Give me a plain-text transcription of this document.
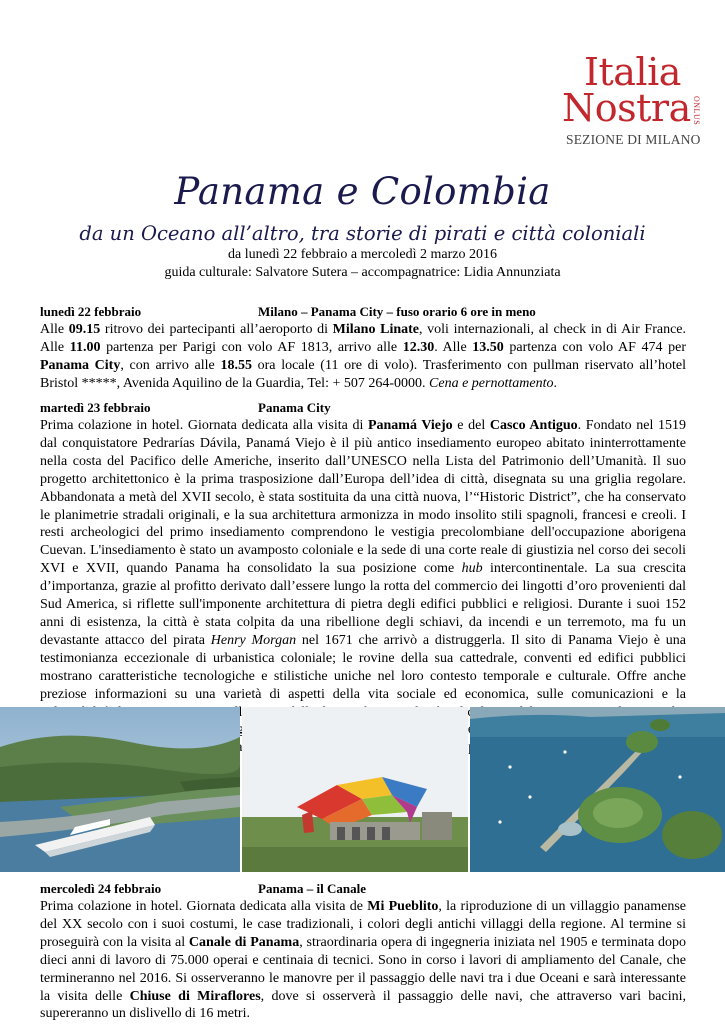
Italia
Nostra ONLUS
SEZIONE DI MILANO
Panama e Colombia
da un Oceano all’altro, tra storie di pirati e città coloniali
da lunedì 22 febbraio a mercoledì 2 marzo 2016
guida culturale: Salvatore Sutera – accompagnatrice: Lidia Annunziata
lunedì 22 febbraio	Milano – Panama City – fuso orario 6 ore in meno
Alle 09.15 ritrovo dei partecipanti all’aeroporto di Milano Linate, voli internazionali, al check in di Air France. Alle 11.00 partenza per Parigi con volo AF 1813, arrivo alle 12.30. Alle 13.50 partenza con volo AF 474 per Panama City, con arrivo alle 18.55 ora locale (11 ore di volo). Trasferimento con pullman riservato all’hotel Bristol *****, Avenida Aquilino de la Guardia, Tel: + 507 264-0000. Cena e pernottamento.
martedì 23 febbraio	Panama City
Prima colazione in hotel. Giornata dedicata alla visita di Panamá Viejo e del Casco Antiguo. Fondato nel 1519 dal conquistatore Pedrarías Dávila, Panamá Viejo è il più antico insediamento europeo abitato ininterrottamente nella costa del Pacifico delle Americhe, inserito dall’UNESCO nella Lista del Patrimonio dell’Umanità. Il suo progetto architettonico è la prima trasposizione dall’Europa dell’idea di città, disegnata su una griglia regolare. Abbandonata a metà del XVII secolo, è stata sostituita da una città nuova, l’“Historic District”, che ha conservato le planimetrie stradali originali, e la sua architettura armonizza in modo insolito stili spagnoli, francesi e creoli. I resti archeologici del primo insediamento comprendono le vestigia precolombiane dell'occupazione aborigena Cuevan. L'insediamento è stato un avamposto coloniale e la sede di una corte reale di giustizia nel corso dei secoli XVI e XVII, quando Panama ha consolidato la sua posizione come hub intercontinentale. La sua crescita d’importanza, grazie al profitto derivato dall’essere lungo la rotta del commercio dei lingotti d’oro provenienti dal Sud America, si riflette sull'imponente architettura di pietra degli edifici pubblici e religiosi. Durante i suoi 152 anni di esistenza, la città è stata colpita da una ribellione degli schiavi, da incendi e un terremoto, ma fu un devastante attacco del pirata Henry Morgan nel 1671 che arrivò a distruggerla. Il sito di Panama Viejo è una testimonianza eccezionale di urbanistica coloniale; le rovine della sua cattedrale, conventi ed edifici pubblici mostrano caratteristiche tecnologiche e stilistiche uniche nel loro contesto temporale e culturale. Offre anche preziose informazioni su una varietà di aspetti della vita sociale ed economica, sulle comunicazioni e la
mercoledì 24 febbraio	Panama – il Canale
Prima colazione in hotel. Giornata dedicata alla visita de Mi Pueblito, la riproduzione di un villaggio panamense del XX secolo con i suoi costumi, le case tradizionali, i colori degli antichi villaggi della regione. Al termine si proseguirà con la visita al Canale di Panama, straordinaria opera di ingegneria iniziata nel 1905 e terminata dopo dieci anni di lavoro di 75.000 operai e centinaia di tecnici. Sono in corso i lavori di ampliamento del Canale, che termineranno nel 2016. Si osserveranno le manovre per il passaggio delle navi tra i due Oceani e sarà interessante la visita delle Chiuse di Miraflores, dove si osserverà il passaggio delle navi, che attraverso vari bacini, supereranno un dislivello di 16 metri.
